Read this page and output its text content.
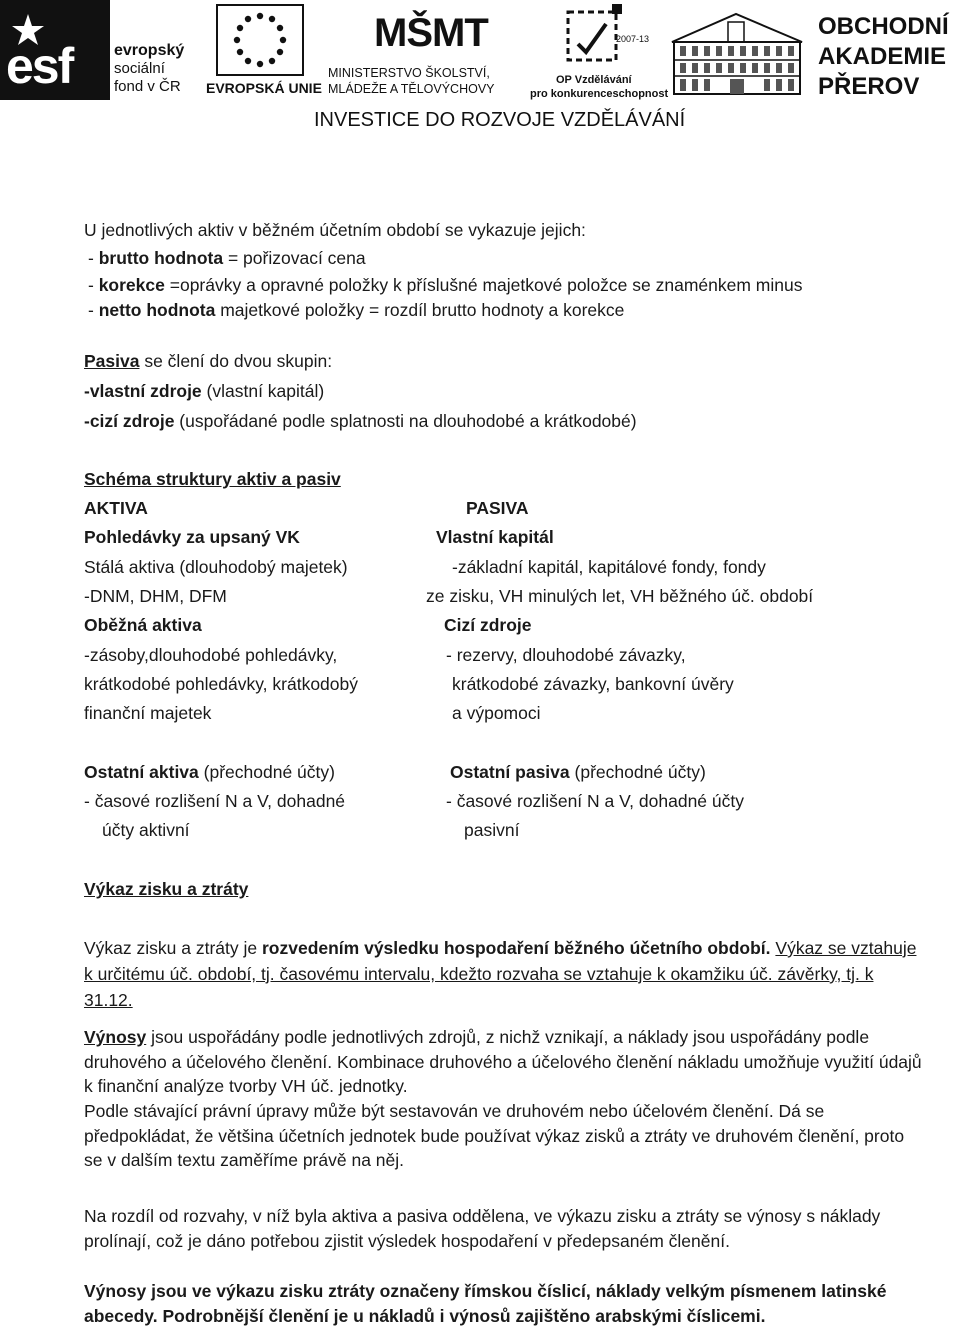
esf	evropský
sociální
fond v ČR EVROPSKÁ UNIE
MŠMT
MINISTERSTVO ŠKOLSTVÍ,
MLÁDEŽE A TĚLOVÝCHOVY
2007-13
OP Vzdělávání
pro konkurenceschopnost
OBCHODNÍ
AKADEMIE
PŘEROV
INVESTICE DO ROZVOJE VZDĚLÁVÁNÍ
U jednotlivých aktiv v běžném účetním období se vykazuje jejich:
- brutto hodnota = pořizovací cena
- korekce =oprávky a opravné položky k příslušné majetkové položce se znaménkem minus
- netto hodnota majetkové položky = rozdíl brutto hodnoty a korekce
Pasiva se člení do dvou skupin:
-vlastní zdroje (vlastní kapitál)
-cizí zdroje (uspořádané podle splatnosti na dlouhodobé a krátkodobé)
Schéma struktury aktiv a pasiv
AKTIVA
Pohledávky za upsaný VK
Stálá aktiva (dlouhodobý majetek)
-DNM, DHM, DFM
Oběžná aktiva
-zásoby,dlouhodobé pohledávky,
krátkodobé pohledávky, krátkodobý
finanční majetek
Ostatní aktiva (přechodné účty)
- časové rozlišení N a V, dohadné
účty aktivní
PASIVA
Vlastní kapitál
-základní kapitál, kapitálové fondy, fondy
ze zisku, VH minulých let, VH běžného úč. období
Cizí zdroje
- rezervy, dlouhodobé závazky,
krátkodobé závazky, bankovní úvěry
a výpomoci
Ostatní pasiva (přechodné účty)
- časové rozlišení N a V, dohadné účty
pasivní
Výkaz zisku a ztráty

Výkaz zisku a ztráty je rozvedením výsledku hospodaření běžného účetního období. Výkaz se vztahuje k určitému úč. období, tj. časovému intervalu, kdežto rozvaha se vztahuje k okamžiku úč. závěrky, tj. k 31.12.

Výnosy jsou uspořádány podle jednotlivých zdrojů, z nichž vznikají, a náklady jsou uspořádány podle druhového a účelového členění. Kombinace druhového a účelového členění nákladu umožňuje využití údajů k finanční analýze tvorby VH úč. jednotky.

Podle stávající právní úpravy může být sestavován ve druhovém nebo účelovém členění. Dá se předpokládat, že většina účetních jednotek bude používat výkaz zisků a ztráty ve druhovém členění, proto se v dalším textu zaměříme právě na něj.
Na rozdíl od rozvahy, v níž byla aktiva a pasiva oddělena, ve výkazu zisku a ztráty se výnosy s náklady prolínají, což je dáno potřebou zjistit výsledek hospodaření v předepsaném členění.
Výnosy jsou ve výkazu zisku ztráty označeny římskou číslicí, náklady velkým písmenem latinské abecedy. Podrobnější členění je u nákladů i výnosů zajištěno arabskými číslicemi.
